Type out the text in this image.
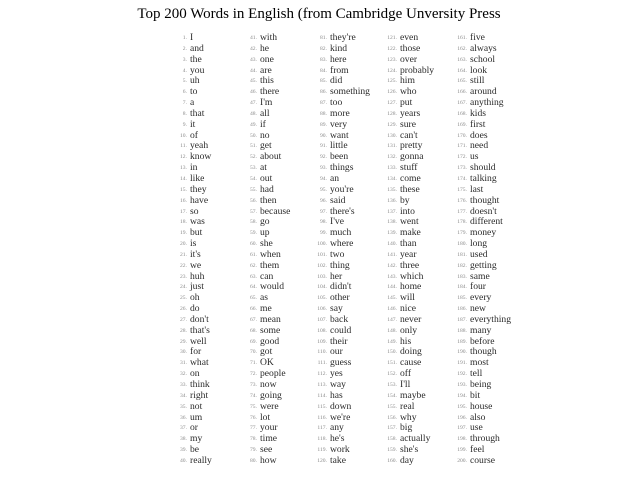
Top 200 Words in English (from Cambridge Unversity Press
1. I
2. and
3. the
4. you
5. uh
6. to
7. a
8. that
9. it
10. of
11. yeah
12. know
13. in
14. like
15. they
16. have
17. so
18. was
19. but
20. is
21. it's
22. we
23. huh
24. just
25. oh
26. do
27. don't
28. that's
29. well
30. for
31. what
32. on
33. think
34. right
35. not
36. um
37. or
38. my
39. be
40. really
41. with
42. he
43. one
44. are
45. this
46. there
47. I'm
48. all
49. if
50. no
51. get
52. about
53. at
54. out
55. had
56. then
57. because
58. go
59. up
60. she
61. when
62. them
63. can
64. would
65. as
66. me
67. mean
68. some
69. good
70. got
71. OK
72. people
73. now
74. going
75. were
76. lot
77. your
78. time
79. see
80. how
81. they're
82. kind
83. here
84. from
85. did
86. something
87. too
88. more
89. very
90. want
91. little
92. been
93. things
94. an
95. you're
96. said
97. there's
98. I've
99. much
100. where
101. two
102. thing
103. her
104. didn't
105. other
106. say
107. back
108. could
109. their
110. our
111. guess
112. yes
113. way
114. has
115. down
116. we're
117. any
118. he's
119. work
120. take
121. even
122. those
123. over
124. probably
125. him
126. who
127. put
128. years
129. sure
130. can't
131. pretty
132. gonna
133. stuff
134. come
135. these
136. by
137. into
138. went
139. make
140. than
141. year
142. three
143. which
144. home
145. will
146. nice
147. never
148. only
149. his
150. doing
151. cause
152. off
153. I'll
154. maybe
155. real
156. why
157. big
158. actually
159. she's
160. day
161. five
162. always
163. school
164. look
165. still
166. around
167. anything
168. kids
169. first
170. does
171. need
172. us
173. should
174. talking
175. last
176. thought
177. doesn't
178. different
179. money
180. long
181. used
182. getting
183. same
184. four
185. every
186. new
187. everything
188. many
189. before
190. though
191. most
192. tell
193. being
194. bit
195. house
196. also
197. use
198. through
199. feel
200. course
